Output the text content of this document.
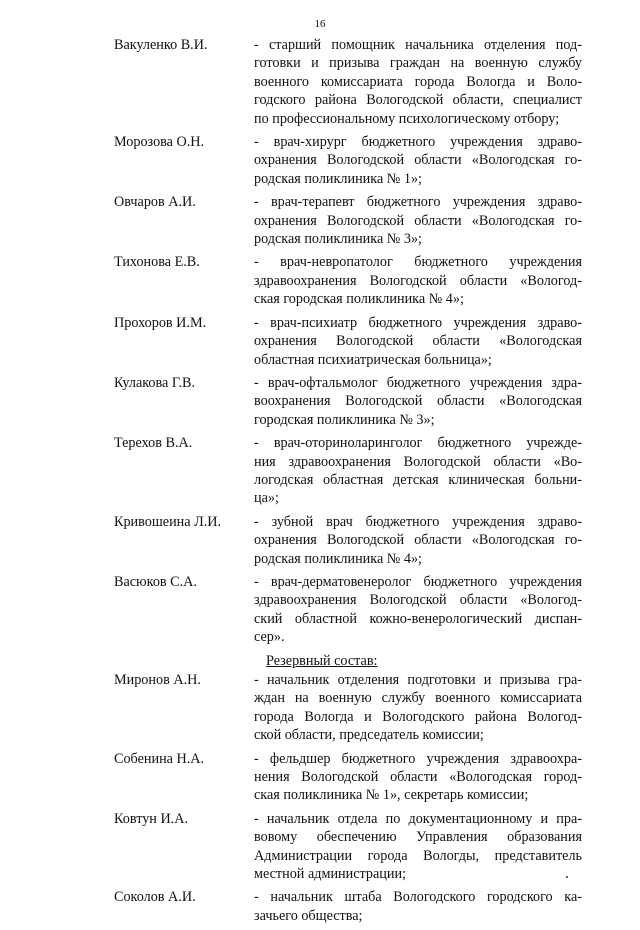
16
Вакуленко В.И.	- старший помощник начальника отделения под-
готовки и призыва граждан на военную службу
военного комиссариата города Вологда и Воло-
годского района Вологодской области, специалист
по профессиональному психологическому отбору;
Морозова О.Н.	- врач-хирург бюджетного учреждения здраво-
охранения Вологодской области «Вологодская го-
родская поликлиника № 1»;
Овчаров А.И.	- врач-терапевт бюджетного учреждения здраво-
охранения Вологодской области «Вологодская го-
родская поликлиника № 3»;
Тихонова Е.В.	- врач-невропатолог бюджетного учреждения
здравоохранения Вологодской области «Вологод-
ская городская поликлиника № 4»;
Прохоров И.М.	- врач-психиатр бюджетного учреждения здраво-
охранения Вологодской области «Вологодская
областная психиатрическая больница»;
Кулакова Г.В.	- врач-офтальмолог бюджетного учреждения здра-
воохранения Вологодской области «Вологодская
городская поликлиника № 3»;
Терехов В.А.	- врач-оториноларинголог бюджетного учрежде-
ния здравоохранения Вологодской области «Во-
логодская областная детская клиническая больни-
ца»;
Кривошеина Л.И.	- зубной врач бюджетного учреждения здраво-
охранения Вологодской области «Вологодская го-
родская поликлиника № 4»;
Васюков С.А.	- врач-дерматовенеролог бюджетного учреждения
здравоохранения Вологодской области «Вологод-
ский областной кожно-венерологический диспан-
сер».
Резервный состав:
Миронов А.Н.	- начальник отделения подготовки и призыва гра-
ждан на военную службу военного комиссариата
города Вологда и Вологодского района Вологод-
ской области, председатель комиссии;
Собенина Н.А.	- фельдшер бюджетного учреждения здравоохра-
нения Вологодской области «Вологодская город-
ская поликлиника № 1», секретарь комиссии;
Ковтун И.А.	- начальник отдела по документационному и пра-
вовому обеспечению Управления образования
Администрации города Вологды, представитель
местной администрации;
Соколов А.И.	- начальник штаба Вологодского городского ка-
зачьего общества;
